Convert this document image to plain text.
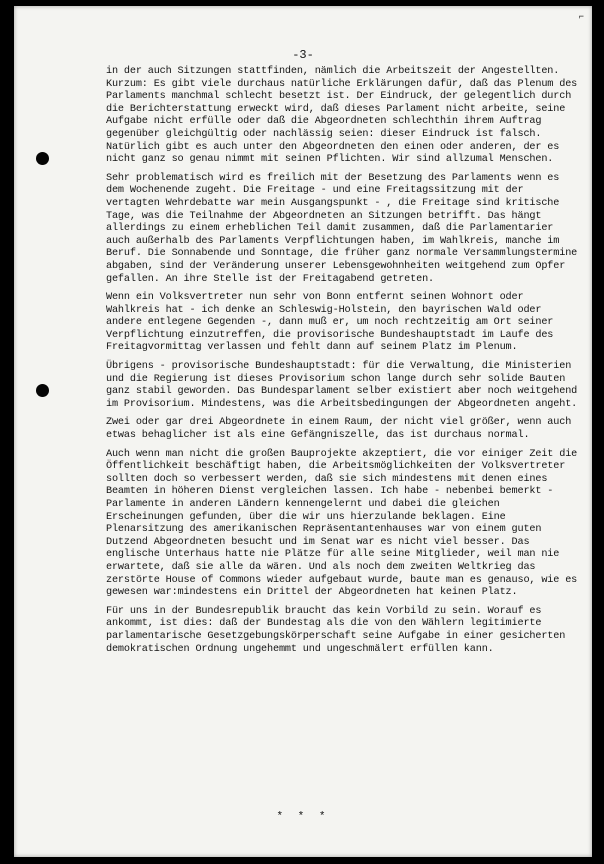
⌐
-3-

in der auch Sitzungen stattfinden, nämlich die Arbeitszeit der Angestellten. Kurzum: Es gibt viele durchaus natürliche Erklärungen dafür, daß das Plenum des Parlaments manchmal schlecht besetzt ist. Der Eindruck, der gelegentlich durch die Berichterstattung erweckt wird, daß dieses Parlament nicht arbeite, seine Aufgabe nicht erfülle oder daß die Abgeordneten schlechthin ihrem Auftrag gegenüber gleichgültig oder nachlässig seien: dieser Eindruck ist falsch. Natürlich gibt es auch unter den Abgeordneten den einen oder anderen, der es nicht ganz so genau nimmt mit seinen Pflichten. Wir sind allzumal Menschen.

Sehr problematisch wird es freilich mit der Besetzung des Parlaments wenn es dem Wochenende zugeht. Die Freitage - und eine Freitagssitzung mit der vertagten Wehrdebatte war mein Ausgangspunkt - , die Freitage sind kritische Tage, was die Teilnahme der Abgeordneten an Sitzungen betrifft. Das hängt allerdings zu einem erheblichen Teil damit zusammen, daß die Parlamentarier auch außerhalb des Parlaments Verpflichtungen haben, im Wahlkreis, manche im Beruf. Die Sonnabende und Sonntage, die früher ganz normale Versammlungstermine abgaben, sind der Veränderung unserer Lebensgewohnheiten weitgehend zum Opfer gefallen. An ihre Stelle ist der Freitagabend getreten.

Wenn ein Volksvertreter nun sehr von Bonn entfernt seinen Wohnort oder Wahlkreis hat - ich denke an Schleswig-Holstein, den bayrischen Wald oder andere entlegene Gegenden -, dann muß er, um noch rechtzeitig am Ort seiner Verpflichtung einzutreffen, die provisorische Bundeshauptstadt im Laufe des Freitagvormittag verlassen und fehlt dann auf seinem Platz im Plenum.

Übrigens - provisorische Bundeshauptstadt: für die Verwaltung, die Ministerien und die Regierung ist dieses Provisorium schon lange durch sehr solide Bauten ganz stabil geworden. Das Bundesparlament selber existiert aber noch weitgehend im Provisorium. Mindestens, was die Arbeitsbedingungen der Abgeordneten angeht.

Zwei oder gar drei Abgeordnete in einem Raum, der nicht viel größer, wenn auch etwas behaglicher ist als eine Gefängniszelle, das ist durchaus normal.

Auch wenn man nicht die großen Bauprojekte akzeptiert, die vor einiger Zeit die Öffentlichkeit beschäftigt haben, die Arbeitsmöglichkeiten der Volksvertreter sollten doch so verbessert werden, daß sie sich mindestens mit denen eines Beamten in höheren Dienst vergleichen lassen. Ich habe - nebenbei bemerkt - Parlamente in anderen Ländern kennengelernt und dabei die gleichen Erscheinungen gefunden, über die wir uns hierzulande beklagen. Eine Plenarsitzung des amerikanischen Repräsentantenhauses war von einem guten Dutzend Abgeordneten besucht und im Senat war es nicht viel besser. Das englische Unterhaus hatte nie Plätze für alle seine Mitglieder, weil man nie erwartete, daß sie alle da wären. Und als noch dem zweiten Weltkrieg das zerstörte House of Commons wieder aufgebaut wurde, baute man es genauso, wie es gewesen war:mindestens ein Drittel der Abgeordneten hat keinen Platz.

Für uns in der Bundesrepublik braucht das kein Vorbild zu sein. Worauf es ankommt, ist dies: daß der Bundestag als die von den Wählern legitimierte parlamentarische Gesetzgebungskörperschaft seine Aufgabe in einer gesicherten demokratischen Ordnung ungehemmt und ungeschmälert erfüllen kann.

* * *
